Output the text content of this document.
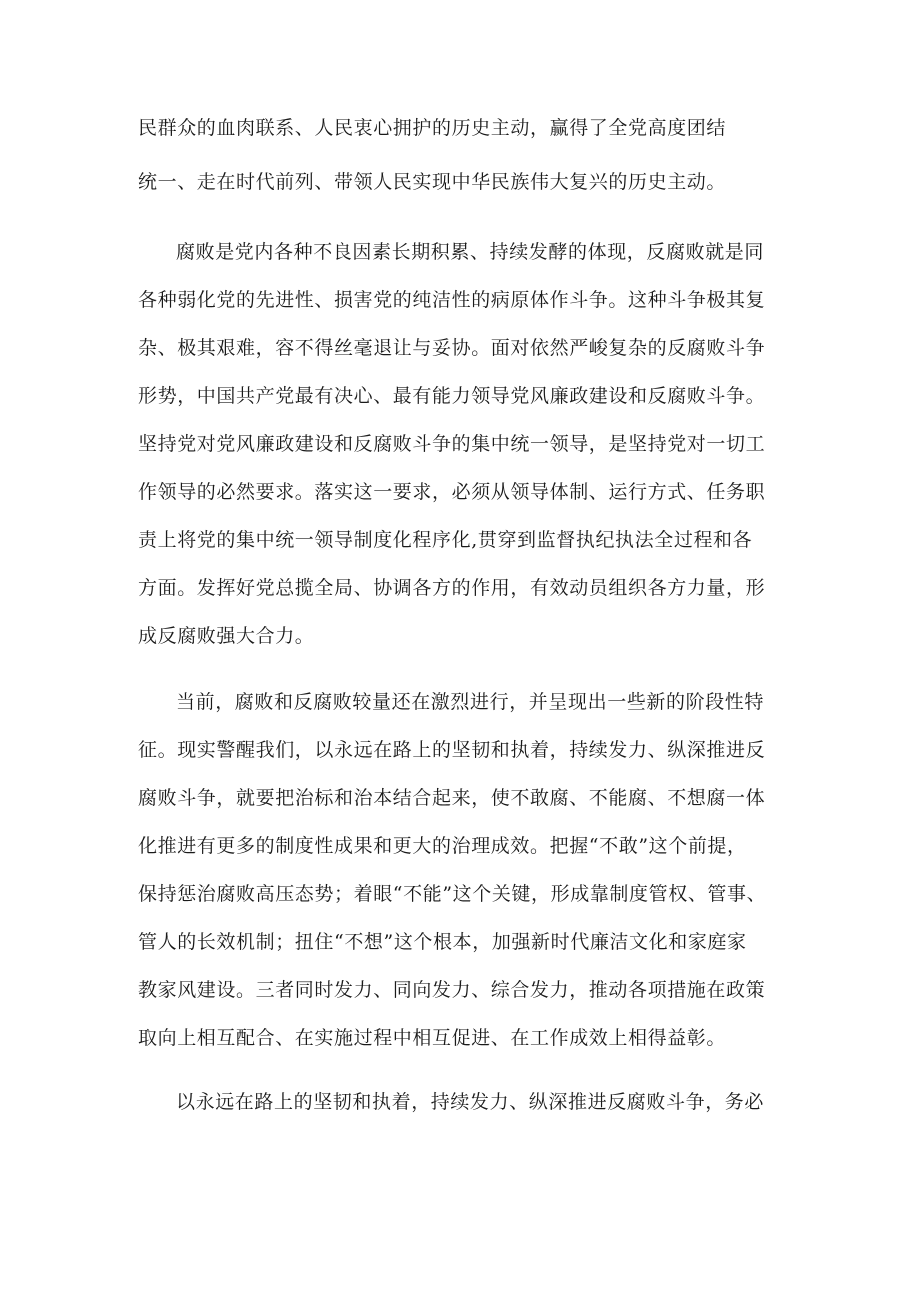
民群众的血肉联系、人民衷心拥护的历史主动，赢得了全党高度团结
统一、走在时代前列、带领人民实现中华民族伟大复兴的历史主动。
腐败是党内各种不良因素长期积累、持续发酵的体现，反腐败就是同
各种弱化党的先进性、损害党的纯洁性的病原体作斗争。这种斗争极其复
杂、极其艰难，容不得丝毫退让与妥协。面对依然严峻复杂的反腐败斗争
形势，中国共产党最有决心、最有能力领导党风廉政建设和反腐败斗争。
坚持党对党风廉政建设和反腐败斗争的集中统一领导，是坚持党对一切工
作领导的必然要求。落实这一要求，必须从领导体制、运行方式、任务职
责上将党的集中统一领导制度化程序化,贯穿到监督执纪执法全过程和各
方面。发挥好党总揽全局、协调各方的作用，有效动员组织各方力量，形
成反腐败强大合力。
当前，腐败和反腐败较量还在激烈进行，并呈现出一些新的阶段性特
征。现实警醒我们，以永远在路上的坚韧和执着，持续发力、纵深推进反
腐败斗争，就要把治标和治本结合起来，使不敢腐、不能腐、不想腐一体
化推进有更多的制度性成果和更大的治理成效。把握“不敢”这个前提，
保持惩治腐败高压态势；着眼“不能”这个关键，形成靠制度管权、管事、
管人的长效机制；扭住“不想”这个根本，加强新时代廉洁文化和家庭家
教家风建设。三者同时发力、同向发力、综合发力，推动各项措施在政策
取向上相互配合、在实施过程中相互促进、在工作成效上相得益彰。
以永远在路上的坚韧和执着，持续发力、纵深推进反腐败斗争，务必
